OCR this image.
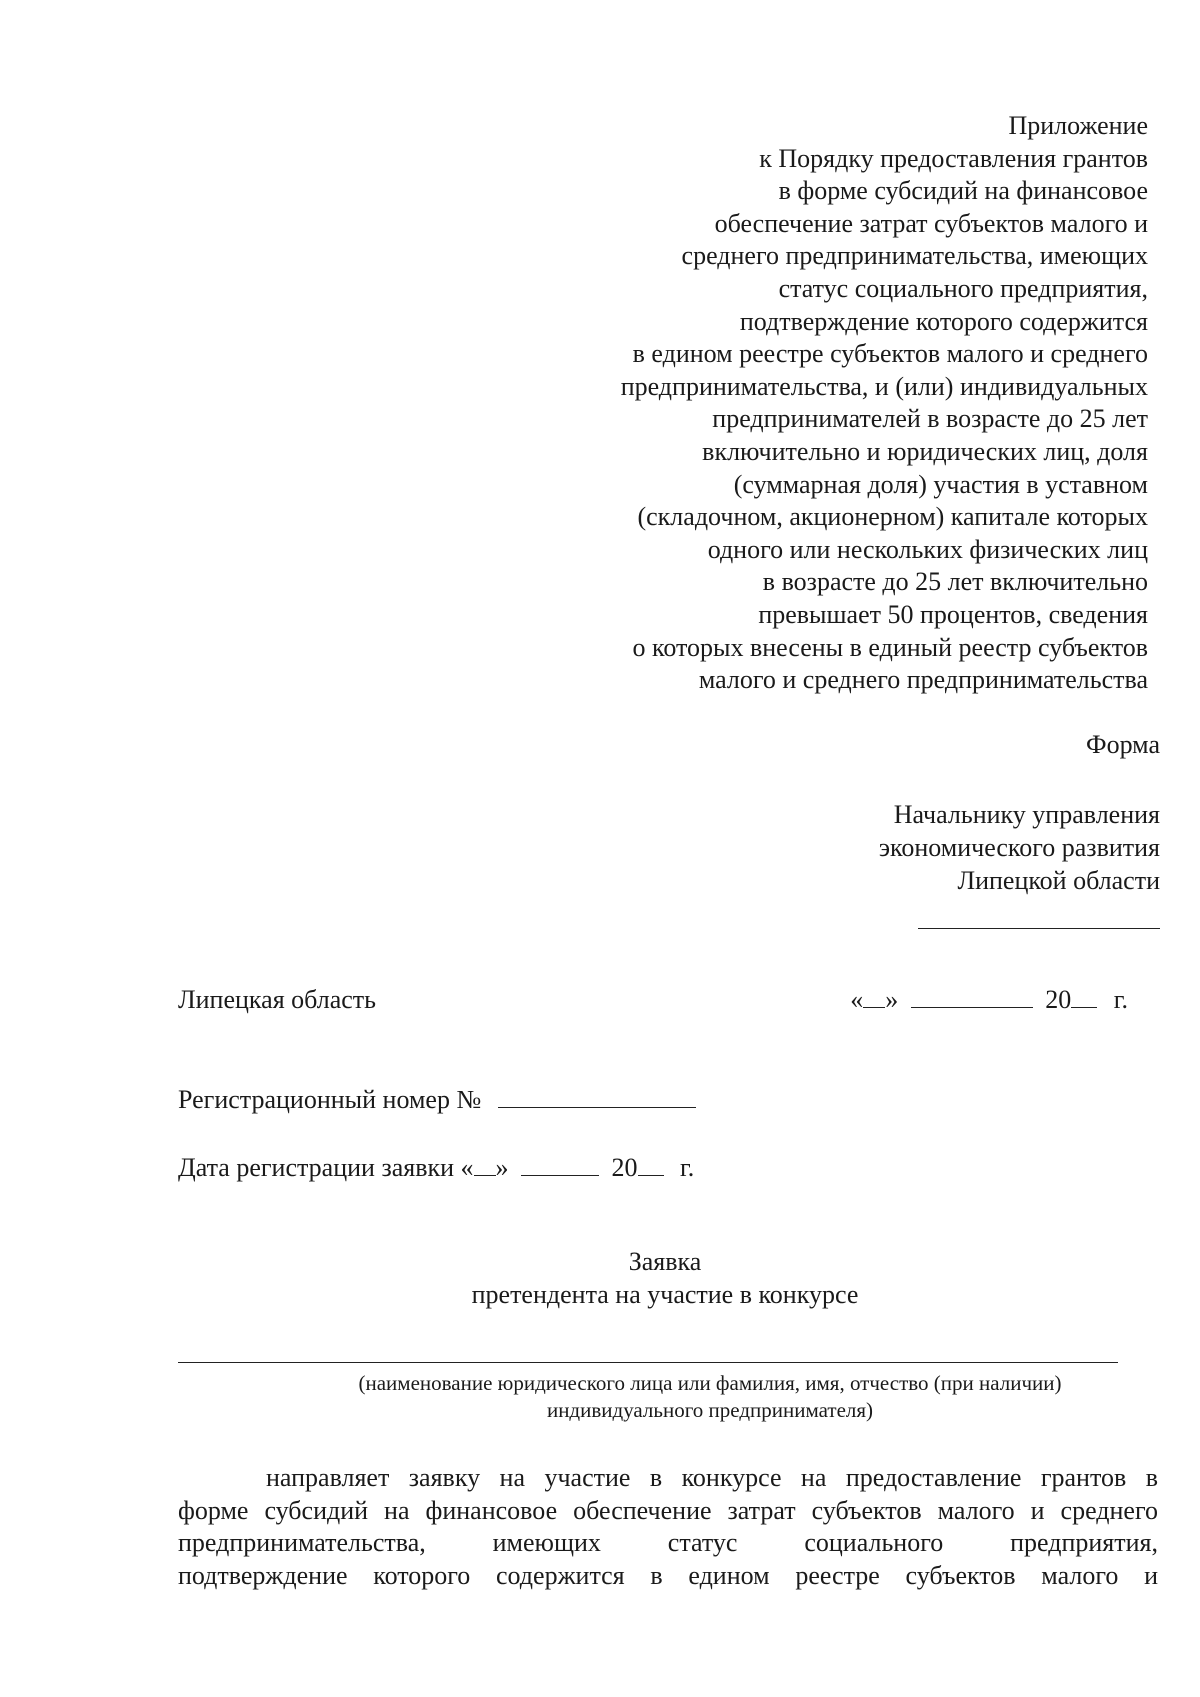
Приложение
к Порядку предоставления грантов
в форме субсидий на финансовое
обеспечение затрат субъектов малого и
среднего предпринимательства, имеющих
статус социального предприятия,
подтверждение которого содержится
в едином реестре субъектов малого и среднего
предпринимательства, и (или) индивидуальных
предпринимателей в возрасте до 25 лет
включительно и юридических лиц, доля
(суммарная доля) участия в уставном
(складочном, акционерном) капитале которых
одного или нескольких физических лиц
в возрасте до 25 лет включительно
превышает 50 процентов, сведения
о которых внесены в единый реестр субъектов
малого и среднего предпринимательства
Форма
Начальнику управления
экономического развития
Липецкой области
Липецкая область	« »	20 г.
Регистрационный номер №
Дата регистрации заявки « »	20 г.
Заявка
претендента на участие в конкурсе
(наименование юридического лица или фамилия, имя, отчество (при наличии)
индивидуального предпринимателя)
направляет заявку на участие в конкурсе на предоставление грантов в
форме субсидий на финансовое обеспечение затрат субъектов малого и среднего
предпринимательства, имеющих статус социального предприятия,
подтверждение которого содержится в едином реестре субъектов малого и
